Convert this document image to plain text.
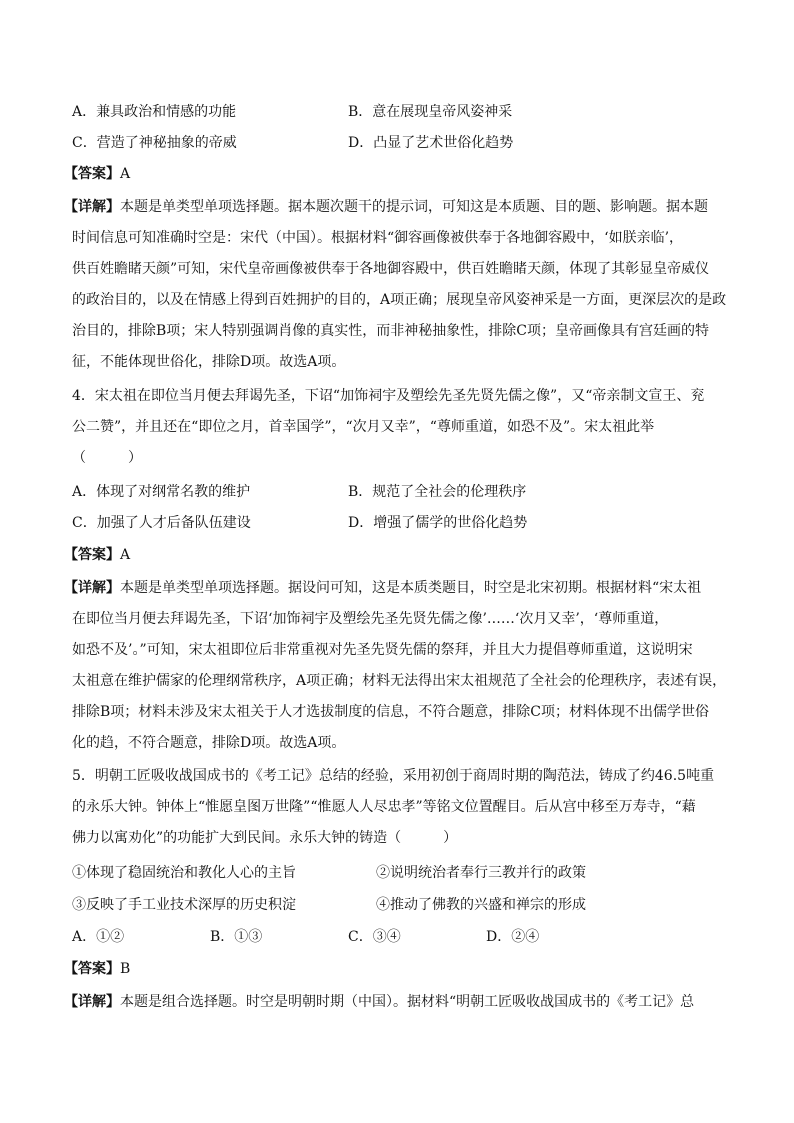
A．兼具政治和情感的功能	B．意在展现皇帝风姿神采
C．营造了神秘抽象的帝威	D．凸显了艺术世俗化趋势
【答案】A
【详解】本题是单类型单项选择题。据本题次题干的提示词，可知这是本质题、目的题、影响题。据本题
时间信息可知准确时空是：宋代（中国）。根据材料“御容画像被供奉于各地御容殿中，‘如朕亲临’，
供百姓瞻睹天颜”可知，宋代皇帝画像被供奉于各地御容殿中，供百姓瞻睹天颜，体现了其彰显皇帝威仪
的政治目的，以及在情感上得到百姓拥护的目的，A项正确；展现皇帝风姿神采是一方面，更深层次的是政
治目的，排除B项；宋人特别强调肖像的真实性，而非神秘抽象性，排除C项；皇帝画像具有宫廷画的特
征，不能体现世俗化，排除D项。故选A项。
4．宋太祖在即位当月便去拜谒先圣，下诏“加饰祠宇及塑绘先圣先贤先儒之像”，又“帝亲制文宣王、兖
公二赞”，并且还在“即位之月，首幸国学”，“次月又幸”，“尊师重道，如恐不及”。宋太祖此举
（　　　）
A．体现了对纲常名教的维护	B．规范了全社会的伦理秩序
C．加强了人才后备队伍建设	D．增强了儒学的世俗化趋势
【答案】A
【详解】本题是单类型单项选择题。据设问可知，这是本质类题目，时空是北宋初期。根据材料“宋太祖
在即位当月便去拜谒先圣，下诏‘加饰祠宇及塑绘先圣先贤先儒之像’……‘次月又幸’，‘尊师重道，
如恐不及’。”可知，宋太祖即位后非常重视对先圣先贤先儒的祭拜，并且大力提倡尊师重道，这说明宋
太祖意在维护儒家的伦理纲常秩序，A项正确；材料无法得出宋太祖规范了全社会的伦理秩序，表述有误，
排除B项；材料未涉及宋太祖关于人才选拔制度的信息，不符合题意，排除C项；材料体现不出儒学世俗
化的趋，不符合题意，排除D项。故选A项。
5．明朝工匠吸收战国成书的《考工记》总结的经验，采用初创于商周时期的陶范法，铸成了约46.5吨重
的永乐大钟。钟体上“惟愿皇图万世隆”“惟愿人人尽忠孝”等铭文位置醒目。后从宫中移至万寿寺，“藉
佛力以寓劝化”的功能扩大到民间。永乐大钟的铸造（　　　）
①体现了稳固统治和教化人心的主旨	②说明统治者奉行三教并行的政策
③反映了手工业技术深厚的历史积淀	④推动了佛教的兴盛和禅宗的形成
A．①②	B．①③	C．③④	D．②④
【答案】B
【详解】本题是组合选择题。时空是明朝时期（中国）。据材料“明朝工匠吸收战国成书的《考工记》总
